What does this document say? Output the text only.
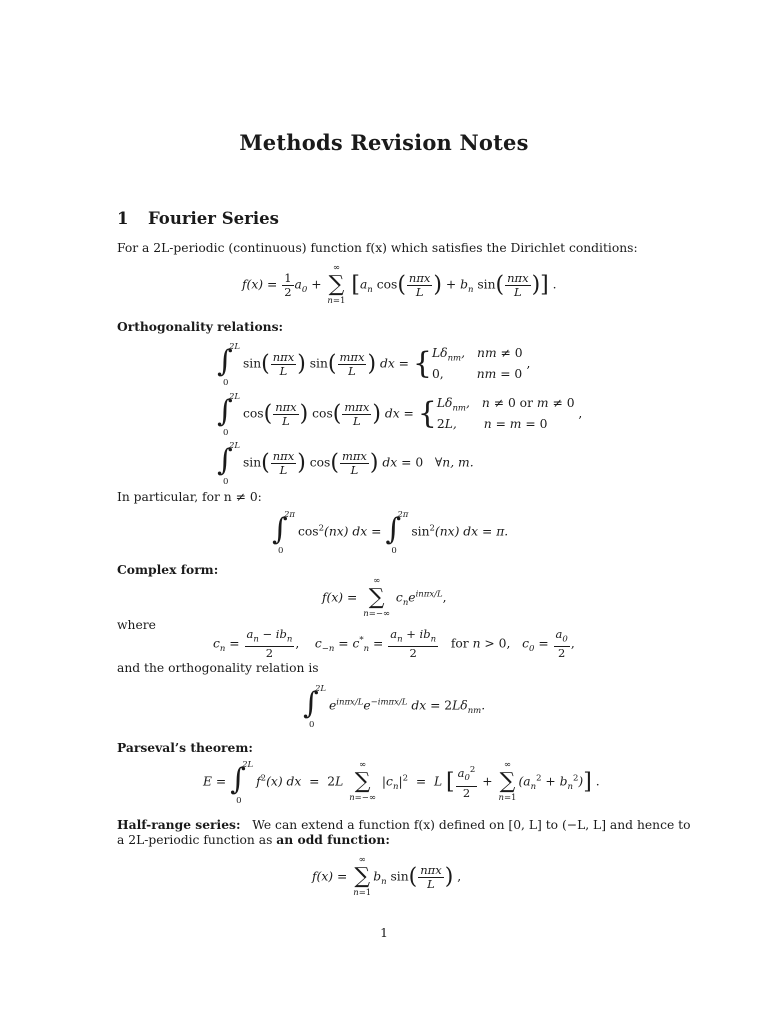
Methods Revision Notes
1 Fourier Series
For a 2L-periodic (continuous) function f(x) which satisfies the Dirichlet conditions:
$f(x) = \frac{1}{2} a_0$ +
∞
∑
n=1
[$a_n$ $\cos( \frac{\text{nπx}}{L}$ ) + $b_n$ $\sin( \frac{\text{nπx}}{L}$ )] .
Orthogonality relations:
∫
2L
0
$\sin( \frac{\text{nπx}}{L}$ ) $\sin( \frac{\text{mπx}}{L}$ ) dx = {$L\delta_{nm}$, nm ≠ 0
0,	nm = 0 ,
∫
2L
0
$\cos( \frac{\text{nπx}}{L}$ ) $\cos( \frac{\text{mπx}}{L}$ ) dx = {$L\delta_{nm}$, n ≠ 0 or m ≠ 0
2L, n = m = 0 ,
∫
2L
0
$\sin( \frac{\text{nπx}}{L}$ ) $\cos( \frac{\text{mπx}}{L}$ ) dx = 0   ∀n, m.
In particular, for n ≠ 0:
∫
2π
0
$\cos^2(nx)$ dx = ∫
2π
0
$\sin^2(nx)$ dx = π.
Complex form:
f(x) =
∞
∑
n=−∞
$c_ne^{in\pi x/L}$,
where
$c_n = \frac{a_n - ib_n}{2}$ ,    $c_{-n} = c^*_n = \frac{a_n + ib_n}{2}$ for n > 0,   $c_0 = \frac{a_0}{2}$ ,
and the orthogonality relation is
∫
2L
0
$e^{in\pi x/L}e^{-im\pi x/L}$ dx = $2L\delta_{nm}$.
Parseval’s theorem:
E = ∫
2L
0
$f^2(x)$ dx  =  2L
∞
∑
n=−∞
$|c_n|^2 = L$ [ $\frac{a_0^2}{2}$ +
∞
∑
n=1
$(a_n^2 + b_n^2)$] .
Half-range series: We can extend a function f(x) defined on [0, L] to (−L, L] and hence to
a 2L-periodic function as an odd function:
f(x) =
∞
∑
n=1
$b_n$ $\sin( \frac{\text{nπx}}{L}$ ) ,
1
